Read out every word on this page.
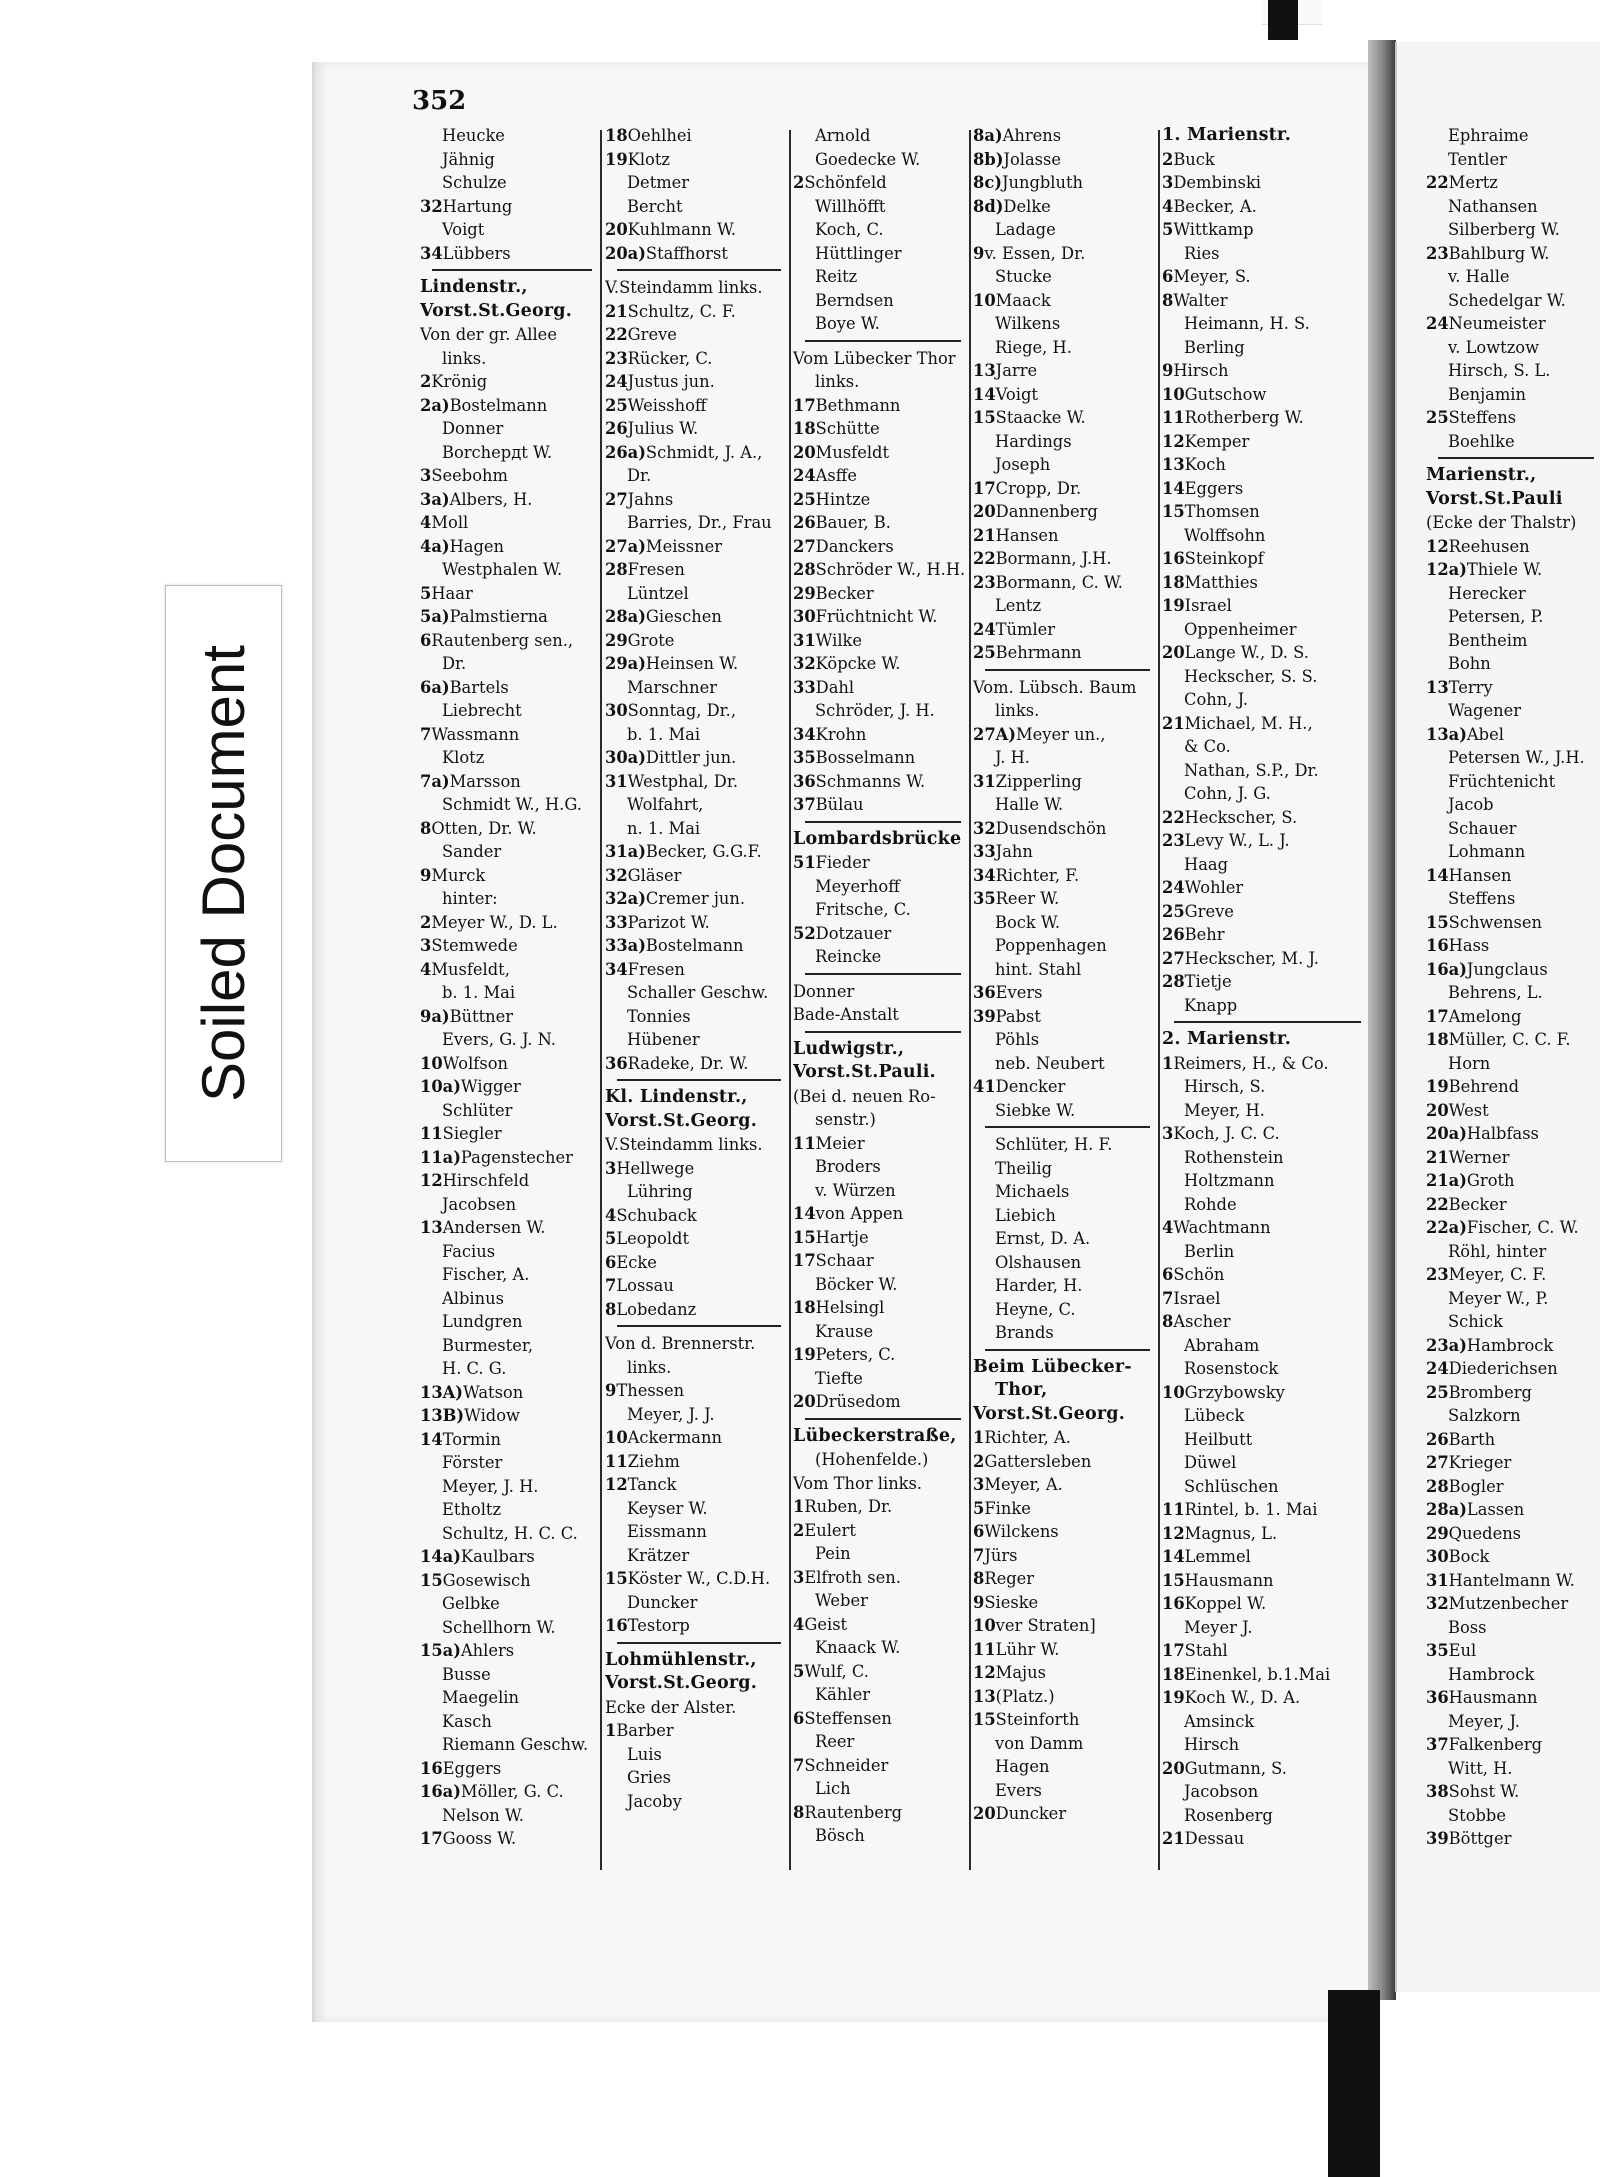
Soiled Document
352
Heucke
Jähnig
Schulze
32Hartung
Voigt
34Lübbers
Lindenstr.,
Vorst.St.Georg.
Von der gr. Allee
links.
2Krönig
2a)Bostelmann
Donner
Borchердt W.
3Seebohm
3a)Albers, H.
4Moll
4a)Hagen
Westphalen W.
5Haar
5a)Palmstierna
6Rautenberg sen.,
Dr.
6a)Bartels
Liebrecht
7Wassmann
Klotz
7a)Marsson
Schmidt W., H.G.
8Otten, Dr. W.
Sander
9Murck
hinter:
2Meyer W., D. L.
3Stemwede
4Musfeldt,
b. 1. Mai
9a)Büttner
Evers, G. J. N.
10Wolfson
10a)Wigger
Schlüter
11Siegler
11a)Pagenstecher
12Hirschfeld
Jacobsen
13Andersen W.
Facius
Fischer, A.
Albinus
Lundgren
Burmester,
H. C. G.
13A)Watson
13B)Widow
14Tormin
Förster
Meyer, J. H.
Etholtz
Schultz, H. C. C.
14a)Kaulbars
15Gosewisch
Gelbke
Schellhorn W.
15a)Ahlers
Busse
Maegelin
Kasch
Riemann Geschw.
16Eggers
16a)Möller, G. C.
Nelson W.
17Gooss W.
18Oehlhei
19Klotz
Detmer
Bercht
20Kuhlmann W.
20a)Staffhorst
V.Steindamm links.
21Schultz, C. F.
22Greve
23Rücker, C.
24Justus jun.
25Weisshoff
26Julius W.
26a)Schmidt, J. A.,
Dr.
27Jahns
Barries, Dr., Frau
27a)Meissner
28Fresen
Lüntzel
28a)Gieschen
29Grote
29a)Heinsen W.
Marschner
30Sonntag, Dr.,
b. 1. Mai
30a)Dittler jun.
31Westphal, Dr.
Wolfahrt,
n. 1. Mai
31a)Becker, G.G.F.
32Gläser
32a)Cremer jun.
33Parizot W.
33a)Bostelmann
34Fresen
Schaller Geschw.
Tonnies
Hübener
36Radeke, Dr. W.
Kl. Lindenstr.,
Vorst.St.Georg.
V.Steindamm links.
3Hellwege
Lühring
4Schuback
5Leopoldt
6Ecke
7Lossau
8Lobedanz
Von d. Brennerstr.
links.
9Thessen
Meyer, J. J.
10Ackermann
11Ziehm
12Tanck
Keyser W.
Eissmann
Krätzer
15Köster W., C.D.H.
Duncker
16Testorp
Lohmühlenstr.,
Vorst.St.Georg.
Ecke der Alster.
1Barber
Luis
Gries
Jacoby
Arnold
Goedecke W.
2Schönfeld
Willhöfft
Koch, C.
Hüttlinger
Reitz
Berndsen
Boye W.
Vom Lübecker Thor
links.
17Bethmann
18Schütte
20Musfeldt
24Asffe
25Hintze
26Bauer, B.
27Danckers
28Schröder W., H.H.
29Becker
30Früchtnicht W.
31Wilke
32Köpcke W.
33Dahl
Schröder, J. H.
34Krohn
35Bosselmann
36Schmanns W.
37Bülau
Lombardsbrücke
51Fieder
Meyerhoff
Fritsche, C.
52Dotzauer
Reincke
Donner
Bade-Anstalt
Ludwigstr.,
Vorst.St.Pauli.
(Bei d. neuen Ro-
senstr.)
11Meier
Broders
v. Würzen
14von Appen
15Hartje
17Schaar
Böcker W.
18Helsingl
Krause
19Peters, C.
Tiefte
20Drüsedom
Lübeckerstraße,
(Hohenfelde.)
Vom Thor links.
1Ruben, Dr.
2Eulert
Pein
3Elfroth sen.
Weber
4Geist
Knaack W.
5Wulf, C.
Kähler
6Steffensen
Reer
7Schneider
Lich
8Rautenberg
Bösch
8a)Ahrens
8b)Jolasse
8c)Jungbluth
8d)Delke
Ladage
9v. Essen, Dr.
Stucke
10Maack
Wilkens
Riege, H.
13Jarre
14Voigt
15Staacke W.
Hardings
Joseph
17Cropp, Dr.
20Dannenberg
21Hansen
22Bormann, J.H.
23Bormann, C. W.
Lentz
24Tümler
25Behrmann
Vom. Lübsch. Baum
links.
27A)Meyer un.,
J. H.
31Zipperling
Halle W.
32Dusendschön
33Jahn
34Richter, F.
35Reer W.
Bock W.
Poppenhagen
hint. Stahl
36Evers
39Pabst
Pöhls
neb. Neubert
41Dencker
Siebke W.
Schlüter, H. F.
Theilig
Michaels
Liebich
Ernst, D. A.
Olshausen
Harder, H.
Heyne, C.
Brands
Beim Lübecker-
Thor,
Vorst.St.Georg.
1Richter, A.
2Gattersleben
3Meyer, A.
5Finke
6Wilckens
7Jürs
8Reger
9Sieske
10ver Straten]
11Lühr W.
12Majus
13(Platz.)
15Steinforth
von Damm
Hagen
Evers
20Duncker
1. Marienstr.
2Buck
3Dembinski
4Becker, A.
5Wittkamp
Ries
6Meyer, S.
8Walter
Heimann, H. S.
Berling
9Hirsch
10Gutschow
11Rotherberg W.
12Kemper
13Koch
14Eggers
15Thomsen
Wolffsohn
16Steinkopf
18Matthies
19Israel
Oppenheimer
20Lange W., D. S.
Heckscher, S. S.
Cohn, J.
21Michael, M. H.,
& Co.
Nathan, S.P., Dr.
Cohn, J. G.
22Heckscher, S.
23Levy W., L. J.
Haag
24Wohler
25Greve
26Behr
27Heckscher, M. J.
28Tietje
Knapp
2. Marienstr.
1Reimers, H., & Co.
Hirsch, S.
Meyer, H.
3Koch, J. C. C.
Rothenstein
Holtzmann
Rohde
4Wachtmann
Berlin
6Schön
7Israel
8Ascher
Abraham
Rosenstock
10Grzybowsky
Lübeck
Heilbutt
Düwel
Schlüschen
11Rintel, b. 1. Mai
12Magnus, L.
14Lemmel
15Hausmann
16Koppel W.
Meyer J.
17Stahl
18Einenkel, b.1.Mai
19Koch W., D. A.
Amsinck
Hirsch
20Gutmann, S.
Jacobson
Rosenberg
21Dessau
Ephraime
Tentler
22Mertz
Nathansen
Silberberg W.
23Bahlburg W.
v. Halle
Schedelgar W.
24Neumeister
v. Lowtzow
Hirsch, S. L.
Benjamin
25Steffens
Boehlke
Marienstr.,
Vorst.St.Pauli
(Ecke der Thalstr)
12Reehusen
12a)Thiele W.
Herecker
Petersen, P.
Bentheim
Bohn
13Terry
Wagener
13a)Abel
Petersen W., J.H.
Früchtenicht
Jacob
Schauer
Lohmann
14Hansen
Steffens
15Schwensen
16Hass
16a)Jungclaus
Behrens, L.
17Amelong
18Müller, C. C. F.
Horn
19Behrend
20West
20a)Halbfass
21Werner
21a)Groth
22Becker
22a)Fischer, C. W.
Röhl, hinter
23Meyer, C. F.
Meyer W., P.
Schick
23a)Hambrock
24Diederichsen
25Bromberg
Salzkorn
26Barth
27Krieger
28Bogler
28a)Lassen
29Quedens
30Bock
31Hantelmann W.
32Mutzenbecher
Boss
35Eul
Hambrock
36Hausmann
Meyer, J.
37Falkenberg
Witt, H.
38Sohst W.
Stobbe
39Böttger
